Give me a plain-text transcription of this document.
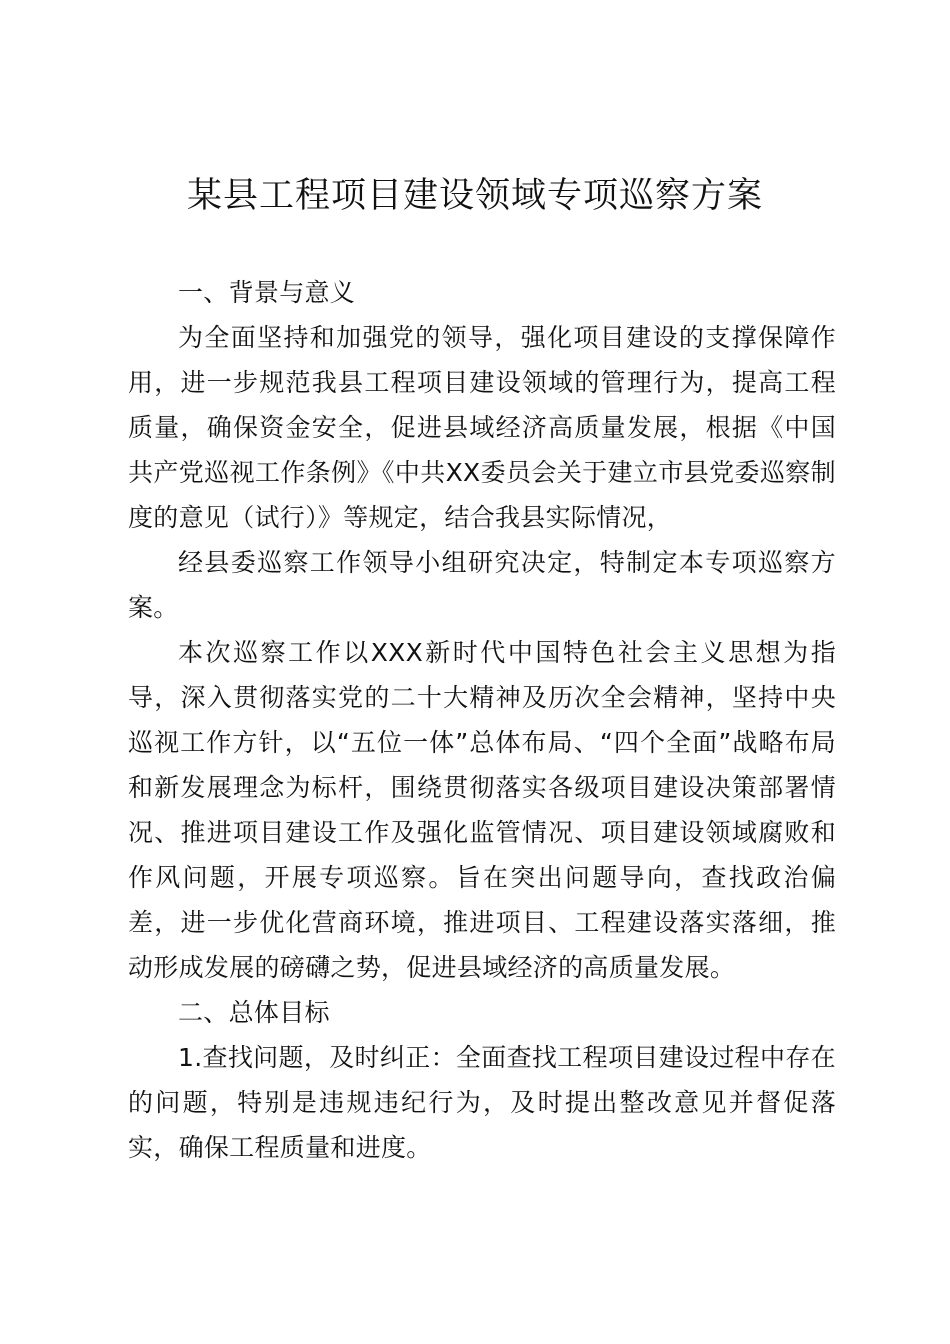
某县工程项目建设领域专项巡察方案

一、背景与意义

为全面坚持和加强党的领导，强化项目建设的支撑保障作用，进一步规范我县工程项目建设领域的管理行为，提高工程质量，确保资金安全，促进县域经济高质量发展，根据《中国共产党巡视工作条例》《中共XX委员会关于建立市县党委巡察制度的意见（试行）》等规定，结合我县实际情况，

经县委巡察工作领导小组研究决定，特制定本专项巡察方案。

本次巡察工作以XXX新时代中国特色社会主义思想为指导，深入贯彻落实党的二十大精神及历次全会精神，坚持中央巡视工作方针，以“五位一体”总体布局、“四个全面”战略布局和新发展理念为标杆，围绕贯彻落实各级项目建设决策部署情况、推进项目建设工作及强化监管情况、项目建设领域腐败和作风问题，开展专项巡察。旨在突出问题导向，查找政治偏差，进一步优化营商环境，推进项目、工程建设落实落细，推动形成发展的磅礴之势，促进县域经济的高质量发展。

二、总体目标

1.查找问题，及时纠正：全面查找工程项目建设过程中存在的问题，特别是违规违纪行为，及时提出整改意见并督促落实，确保工程质量和进度。
